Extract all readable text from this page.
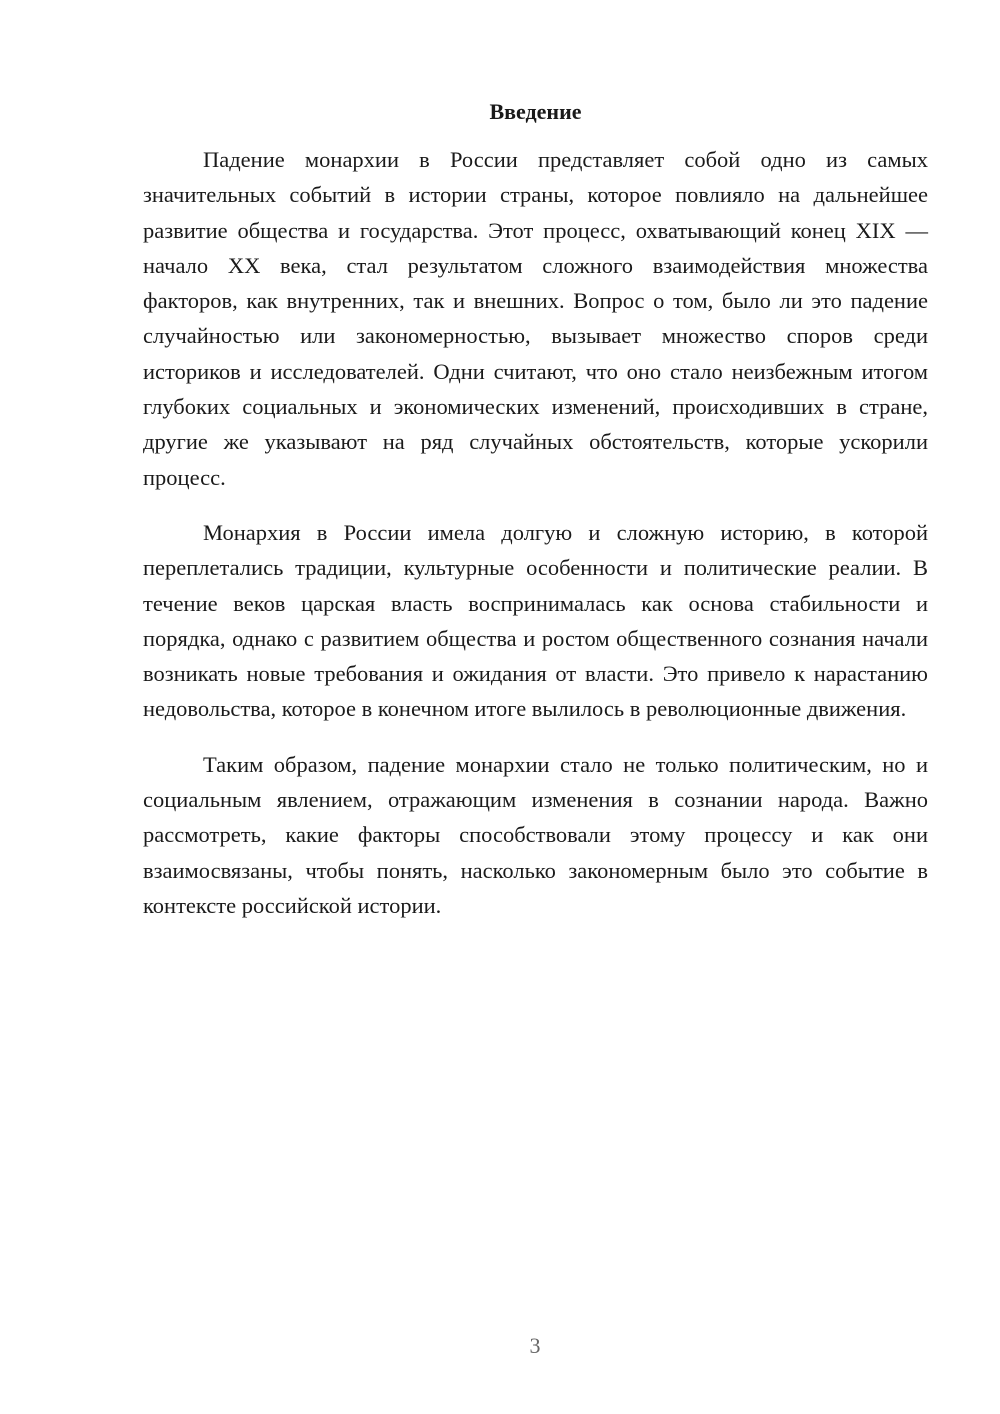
Введение

Падение монархии в России представляет собой одно из самых значительных событий в истории страны, которое повлияло на дальнейшее развитие общества и государства. Этот процесс, охватывающий конец XIX — начало XX века, стал результатом сложного взаимодействия множества факторов, как внутренних, так и внешних. Вопрос о том, было ли это падение случайностью или закономерностью, вызывает множество споров среди историков и исследователей. Одни считают, что оно стало неизбежным итогом глубоких социальных и экономических изменений, происходивших в стране, другие же указывают на ряд случайных обстоятельств, которые ускорили процесс.

Монархия в России имела долгую и сложную историю, в которой переплетались традиции, культурные особенности и политические реалии. В течение веков царская власть воспринималась как основа стабильности и порядка, однако с развитием общества и ростом общественного сознания начали возникать новые требования и ожидания от власти. Это привело к нарастанию недовольства, которое в конечном итоге вылилось в революционные движения.

Таким образом, падение монархии стало не только политическим, но и социальным явлением, отражающим изменения в сознании народа. Важно рассмотреть, какие факторы способствовали этому процессу и как они взаимосвязаны, чтобы понять, насколько закономерным было это событие в контексте российской истории.

3
